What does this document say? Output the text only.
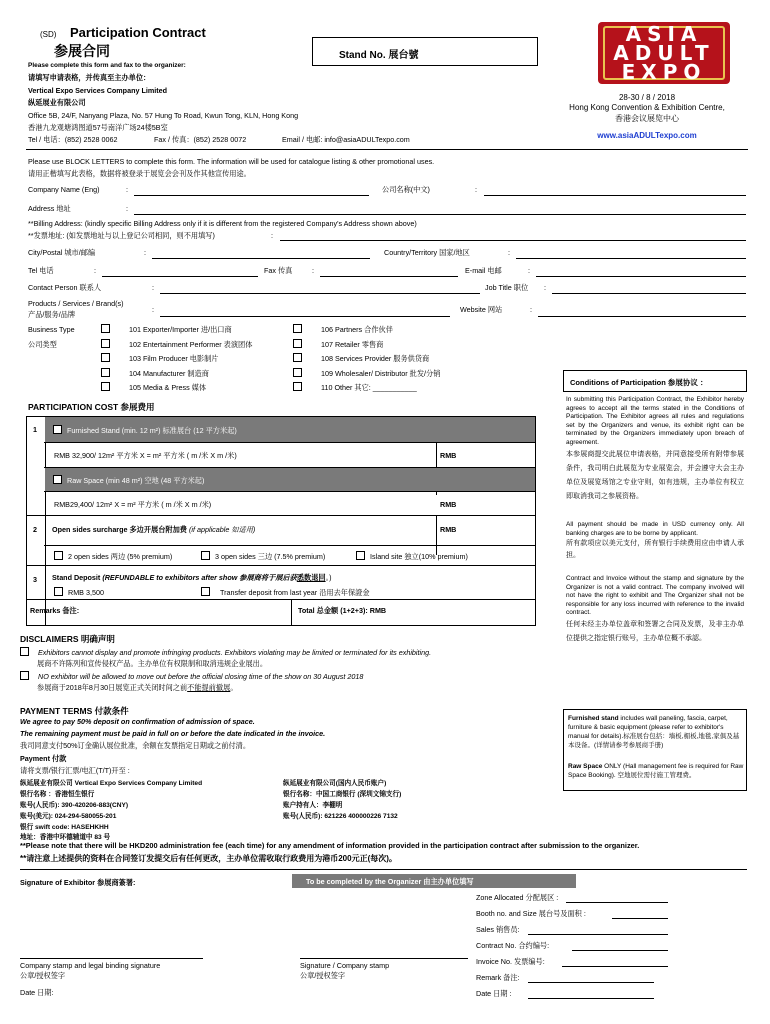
(SD) Participation Contract
参展合同	Stand No. 展台號
Please complete this form and fax to the organizer:
请填写申请表格，并传真至主办单位：
Vertical Expo Services Company Limited
纵延展业有限公司
Office 5B, 24/F, Nanyang Plaza, No. 57 Hung To Road, Kwun Tong, KLN, Hong Kong
香港九龙观塘鸿图道57号南洋广场24楼5B室
Tel / 电话：(852) 2528 0062	Fax / 传真：(852) 2528 0072	Email / 电邮: info@asiaADULTexpo.com
ASIA
ADULT
EXPO
28-30 / 8 / 2018
Hong Kong Convention & Exhibition Centre,
香港会议展览中心
www.asiaADULTexpo.com
Please use BLOCK LETTERS to complete this form. The information will be used for catalogue listing & other promotional uses.
请用正楷填写此表格，数据将被登录于展览会会刊及作其他宣传用途。
Company Name (Eng)	:	公司名称(中文)	:
Address 地址	:
**Billing Address: (kindly specific Billing Address only if it is different from the registered Company's Address shown above)
**发票地址: (如发票地址与以上登记公司相同，则不用填写)	:
City/Postal 城市/邮编	:	Country/Territory 国家/地区	:
Tel 电话	:	Fax 传真	:	E-mail 电邮	:
Contact Person 联系人	:	Job Title 职位 :
Products / Services / Brand(s)
产品/服务/品牌
:	Website 网站	:
Business Type
公司类型
101 Exporter/Importer 进/出口商
102 Entertainment Performer 表演团体
103 Film Producer 电影制片
104 Manufacturer 制造商
105 Media & Press 媒体
106 Partners 合作伙伴
107 Retailer 零售商
108 Services Provider 服务供货商
109 Wholesaler/ Distributor 批发/分销
110 Other 其它: ___________
PARTICIPATION COST 参展费用
Furnished Stand (min. 12 m²) 标准展台 (12 平方米起)
1
RMB 32,900/ 12m² 平方米 X = m² 平方米 ( m /米 X m /米)	RMB
Raw Space (min 48 m²) 空地 (48 平方米起)
RMB29,400/ 12m² X = m² 平方米 ( m /米 X m /米)	RMB
2 Open sides surcharge 多边开展台附加费 (if applicable 如适用)	RMB
2 open sides 两边 (5% premium)	3 open sides 三边 (7.5% premium)	Island site 独立(10% premium)
3 Stand Deposit (REFUNDABLE to exhibitors after show 参展商将于展后获悉数退回。)
RMB 3,500	Transfer deposit from last year 沿用去年保證金
Remarks 备注:	Total 总金额 (1+2+3): RMB
Conditions of Participation 参展协议 ：
In submitting this Participation Contract, the Exhibitor hereby agrees to accept all the terms stated in the Conditions of Participation. The Exhibitor agrees all rules and regulations set by the Organizers and venue, its exhibit right can be terminated by the Organizers immediately upon breach of agreement.
本参展商提交此展位申请表格，并同意接受所有附带参展条件，我司明白此展览为专业展览会，并会遵守大会主办单位及展览场馆之专业守则，如有违规，主办单位有权立即取消我司之参展资格。
All payment should be made in USD currency only. All banking charges are to be borne by applicant.
所有款项应以美元支付，所有银行手续费用应由申请人承担。
Contract and Invoice without the stamp and signature by the Organizer is not a valid contract. The company involved will not have the right to exhibit and The Organizer shall not be responsible for any loss incurred with reference to the invalid contract.
任何未经主办单位盖章和签署之合同及发票，及非主办单位提供之指定银行账号，主办单位概不承認。
DISCLAIMERS 明确声明
Exhibitors cannot display and promote infringing products. Exhibitors violating may be limited or terminated for its exhibiting.
展商不许陈列和宣传侵权产品。主办单位有权限制和取消违规企业展出。
NO exhibitor will be allowed to move out before the official closing time of the show on 30 August 2018
参展商于2018年8月30日展览正式关闭时间之前不能提前撤展。
PAYMENT TERMS 付款条件
We agree to pay 50% deposit on confirmation of admission of space.
The remaining payment must be paid in full on or before the date indicated in the invoice.
我司同意支付50%订金确认展位批准，余额在发票指定日期或之前付清。
Payment 付款
请将支票/银行汇票/电汇(T/T)开至 :
纵延展业有限公司 Vertical Expo Services Company Limited
银行名称 ：香港恒生银行
账号(人民币): 390-420206-883(CNY)
账号(美元): 024-294-580055-201
银行 swift code: HASEHKHH
地址：香港中环德辅道中 83 号
纵延展业有限公司(国内人民币账户)
银行名称：中国工商银行 (深圳文锦支行)
账户持有人：李棚明
账号(人民币): 621226 400000226 7132
Furnished stand includes wall paneling, fascia, carpet, furniture & basic equipment (please refer to exhibitor's manual for details).标准展台包括：墙板,楣板,地毯,家俱及基本设备。(详情请参考参展商手册)
Raw Space ONLY (Hall management fee is required for Raw Space Booking). 空地展位需付施工管理费。
**Please note that there will be HKD200 administration fee (each time) for any amendment of information provided in the participation contract after submission to the organizer.
**请注意上述提供的资料在合同签订发提交后有任何更改，主办单位需收取行政费用为港币200元正(每次)。
Signature of Exhibitor 参展商簽署:	To be completed by the Organizer 由主办单位填写
Zone Allocated 分配展区 :
Booth no. and Size 展台号及面积 :
Sales 销售员:
Contract No. 合约编号:
Invoice No. 发票编号:
Remark 备注:
Date 日期 :
Company stamp and legal binding signature
公章/授权签字
Signature / Company stamp
公章/授权签字
Date 日期:
